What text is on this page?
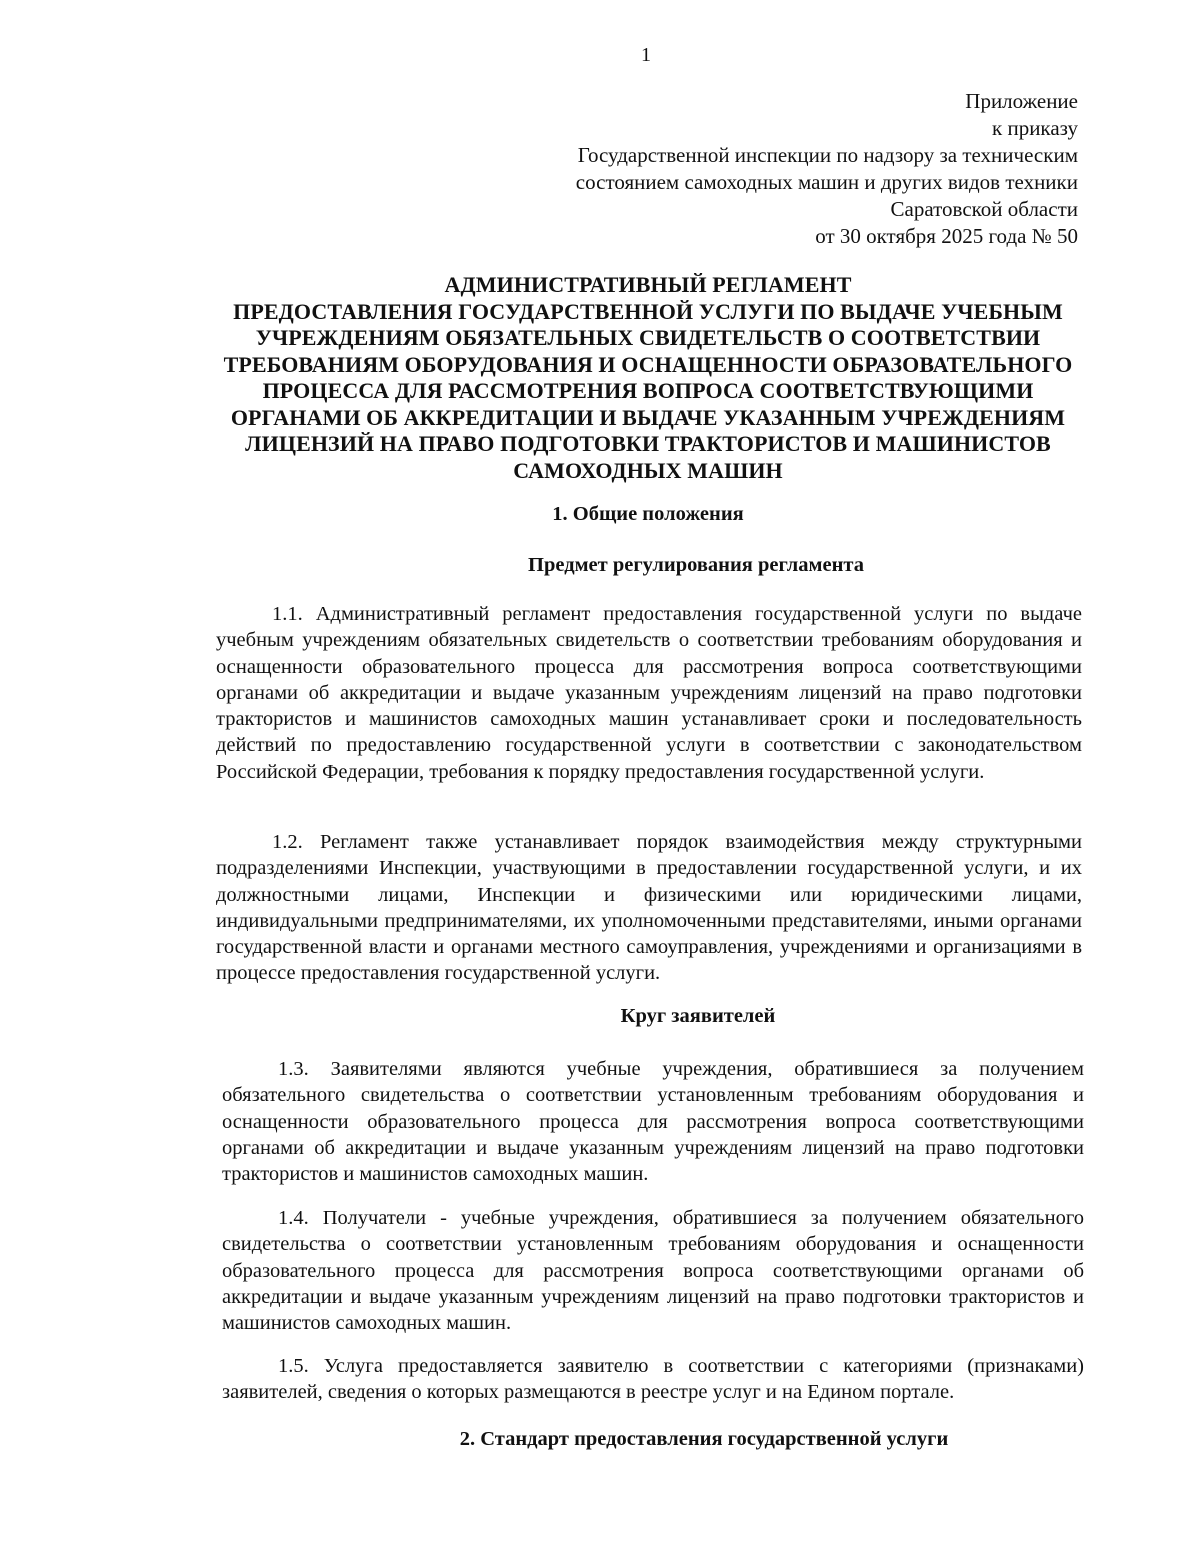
1
Приложение
к приказу
Государственной инспекции по надзору за техническим
состоянием самоходных машин и других видов техники
Саратовской области
от 30 октября 2025 года № 50
АДМИНИСТРАТИВНЫЙ РЕГЛАМЕНТ
ПРЕДОСТАВЛЕНИЯ ГОСУДАРСТВЕННОЙ УСЛУГИ ПО ВЫДАЧЕ УЧЕБНЫМ
УЧРЕЖДЕНИЯМ ОБЯЗАТЕЛЬНЫХ СВИДЕТЕЛЬСТВ О СООТВЕТСТВИИ
ТРЕБОВАНИЯМ ОБОРУДОВАНИЯ И ОСНАЩЕННОСТИ ОБРАЗОВАТЕЛЬНОГО
ПРОЦЕССА ДЛЯ РАССМОТРЕНИЯ ВОПРОСА СООТВЕТСТВУЮЩИМИ
ОРГАНАМИ ОБ АККРЕДИТАЦИИ И ВЫДАЧЕ УКАЗАННЫМ УЧРЕЖДЕНИЯМ
ЛИЦЕНЗИЙ НА ПРАВО ПОДГОТОВКИ ТРАКТОРИСТОВ И МАШИНИСТОВ
САМОХОДНЫХ МАШИН
1. Общие положения
Предмет регулирования регламента

1.1. Административный регламент предоставления государственной услуги по выдаче учебным учреждениям обязательных свидетельств о соответствии требованиям оборудования и оснащенности образовательного процесса для рассмотрения вопроса соответствующими органами об аккредитации и выдаче указанным учреждениям лицензий на право подготовки трактористов и машинистов самоходных машин устанавливает сроки и последовательность действий по предоставлению государственной услуги в соответствии с законодательством Российской Федерации, требования к порядку предоставления государственной услуги.

1.2. Регламент также устанавливает порядок взаимодействия между структурными подразделениями Инспекции, участвующими в предоставлении государственной услуги, и их должностными лицами, Инспекции и физическими или юридическими лицами, индивидуальными предпринимателями, их уполномоченными представителями, иными органами государственной власти и органами местного самоуправления, учреждениями и организациями в процессе предоставления государственной услуги.

Круг заявителей

1.3. Заявителями являются учебные учреждения, обратившиеся за получением обязательного свидетельства о соответствии установленным требованиям оборудования и оснащенности образовательного процесса для рассмотрения вопроса соответствующими органами об аккредитации и выдаче указанным учреждениям лицензий на право подготовки трактористов и машинистов самоходных машин.

1.4. Получатели - учебные учреждения, обратившиеся за получением обязательного свидетельства о соответствии установленным требованиям оборудования и оснащенности образовательного процесса для рассмотрения вопроса соответствующими органами об аккредитации и выдаче указанным учреждениям лицензий на право подготовки трактористов и машинистов самоходных машин.

1.5. Услуга предоставляется заявителю в соответствии с категориями (признаками) заявителей, сведения о которых размещаются в реестре услуг и на Едином портале.

2. Стандарт предоставления государственной услуги
